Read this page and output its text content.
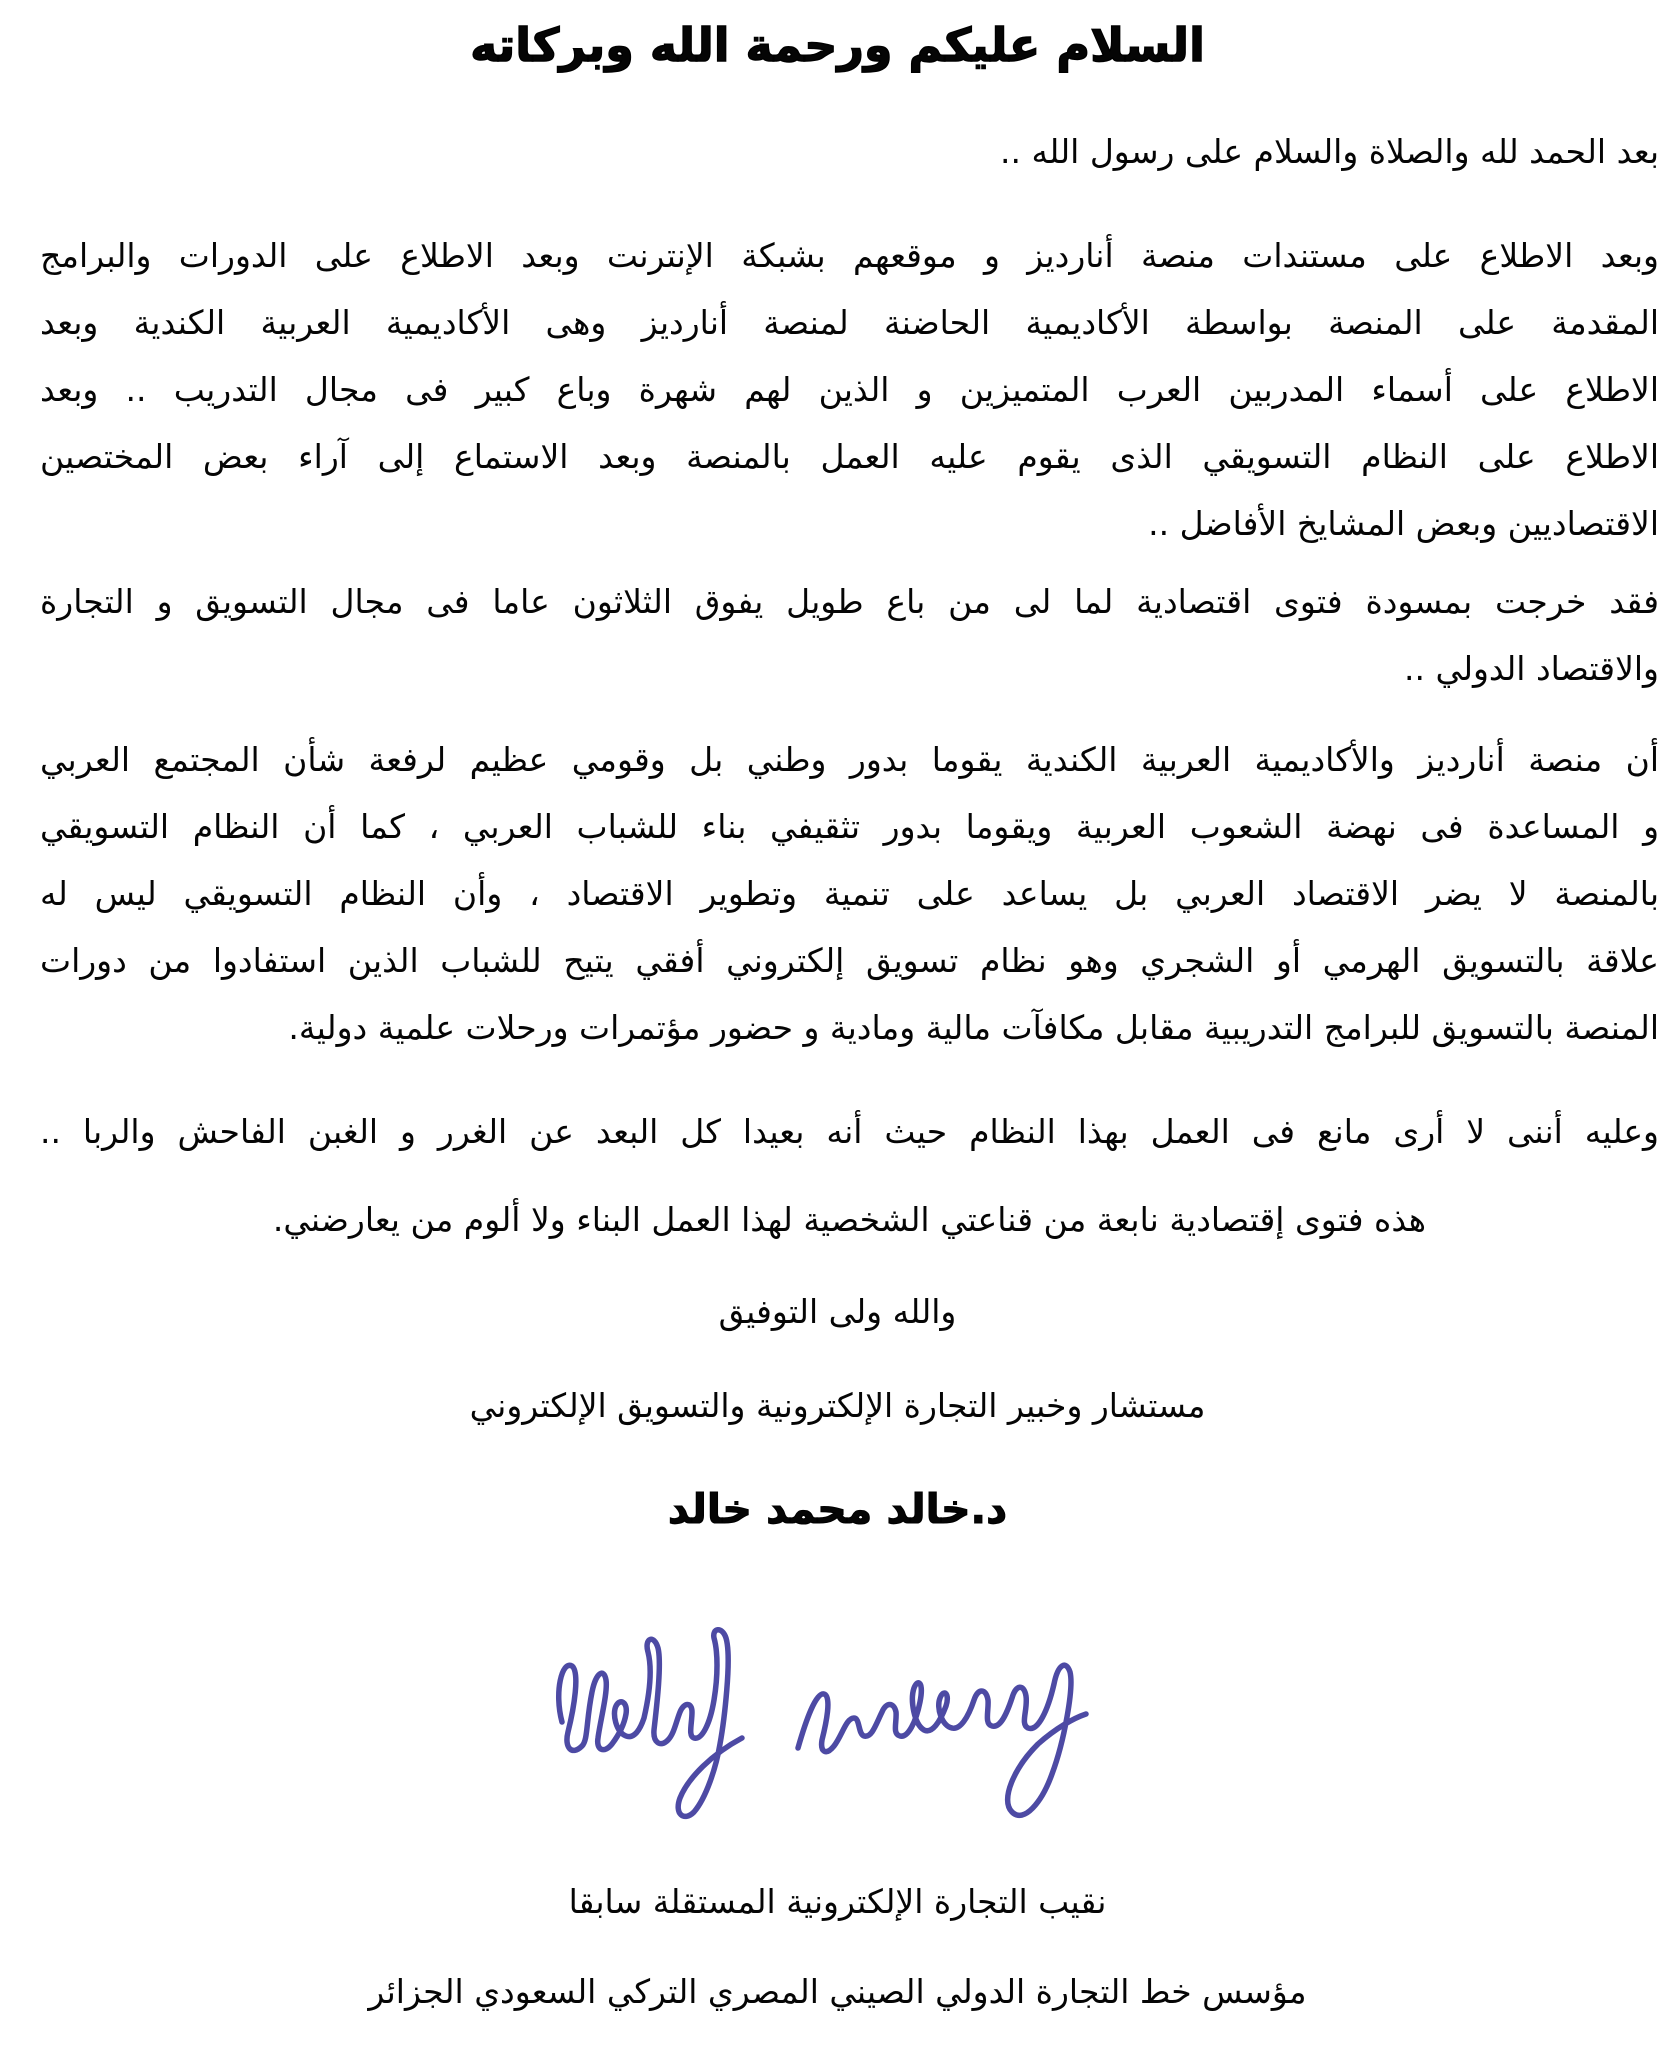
السلام عليكم ورحمة الله وبركاته
بعد الحمد لله والصلاة والسلام على رسول الله ..
وبعد الاطلاع على مستندات منصة أنارديز و موقعهم بشبكة الإنترنت وبعد الاطلاع على الدورات والبرامج
المقدمة على المنصة بواسطة الأكاديمية الحاضنة لمنصة أنارديز وهى الأكاديمية العربية الكندية وبعد
الاطلاع على أسماء المدربين العرب المتميزين و الذين لهم شهرة وباع كبير فى مجال التدريب .. وبعد
الاطلاع على النظام التسويقي الذى يقوم عليه العمل بالمنصة وبعد الاستماع إلى آراء بعض المختصين
الاقتصاديين وبعض المشايخ الأفاضل ..
فقد خرجت بمسودة فتوى اقتصادية لما لى من باع طويل يفوق الثلاثون عاما فى مجال التسويق و التجارة
والاقتصاد الدولي ..
أن منصة أنارديز والأكاديمية العربية الكندية يقوما بدور وطني بل وقومي عظيم لرفعة شأن المجتمع العربي
و المساعدة فى نهضة الشعوب العربية ويقوما بدور تثقيفي بناء للشباب العربي ، كما أن النظام التسويقي
بالمنصة لا يضر الاقتصاد العربي بل يساعد على تنمية وتطوير الاقتصاد ، وأن النظام التسويقي ليس له
علاقة بالتسويق الهرمي أو الشجري وهو نظام تسويق إلكتروني أفقي يتيح للشباب الذين استفادوا من دورات
المنصة بالتسويق للبرامج التدريبية مقابل مكافآت مالية ومادية و حضور مؤتمرات ورحلات علمية دولية.
وعليه أننى لا أرى مانع فى العمل بهذا النظام حيث أنه بعيدا كل البعد عن الغرر و الغبن الفاحش والربا ..
هذه فتوى إقتصادية نابعة من قناعتي الشخصية لهذا العمل البناء ولا ألوم من يعارضني.
والله ولى التوفيق
مستشار وخبير التجارة الإلكترونية والتسويق الإلكتروني
د.خالد محمد خالد
نقيب التجارة الإلكترونية المستقلة سابقا
مؤسس خط التجارة الدولي الصيني المصري التركي السعودي الجزائر
